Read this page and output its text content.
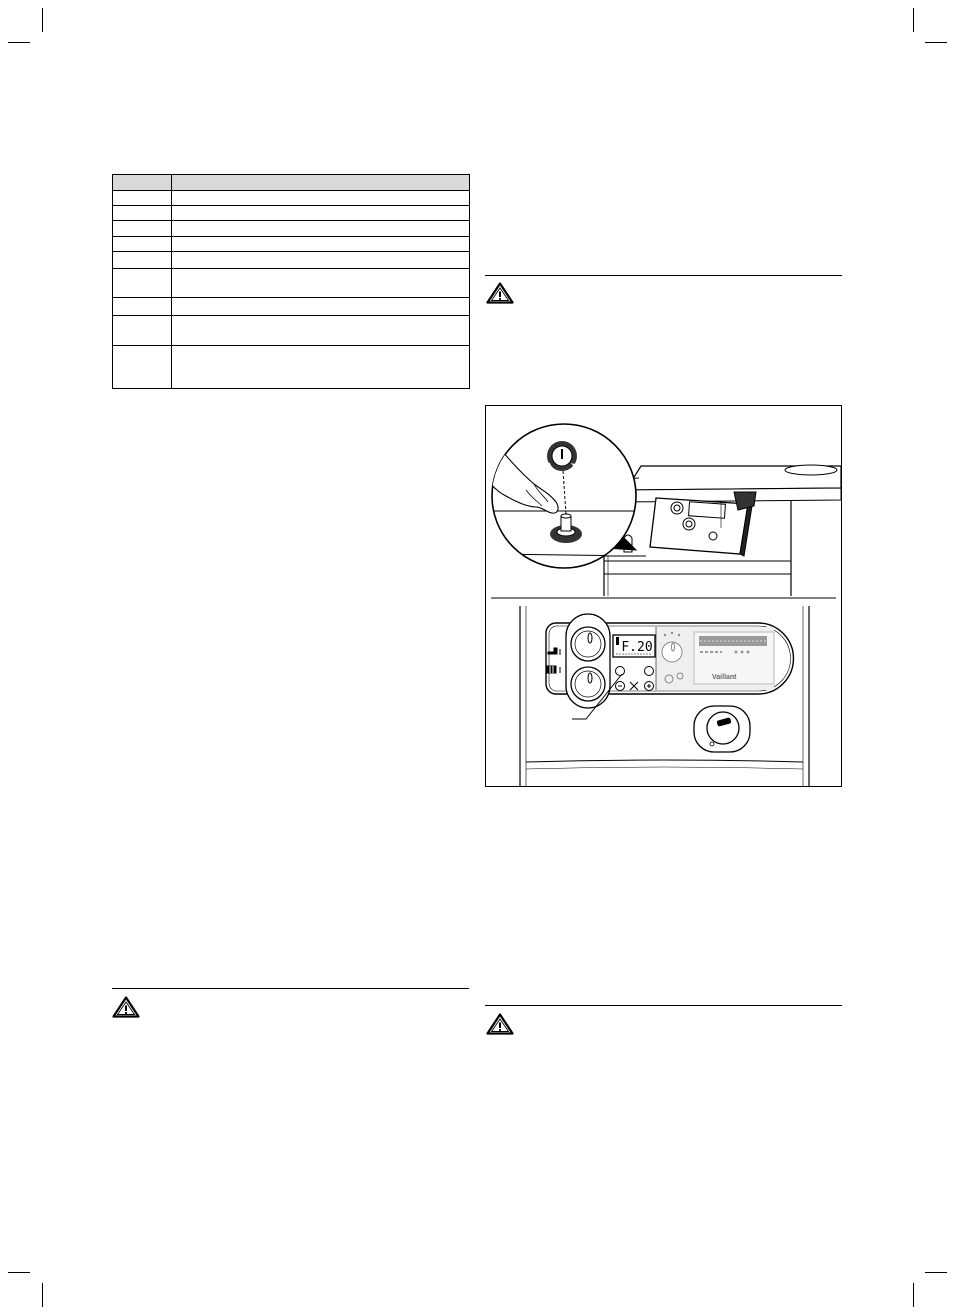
F.20
Vaillant
